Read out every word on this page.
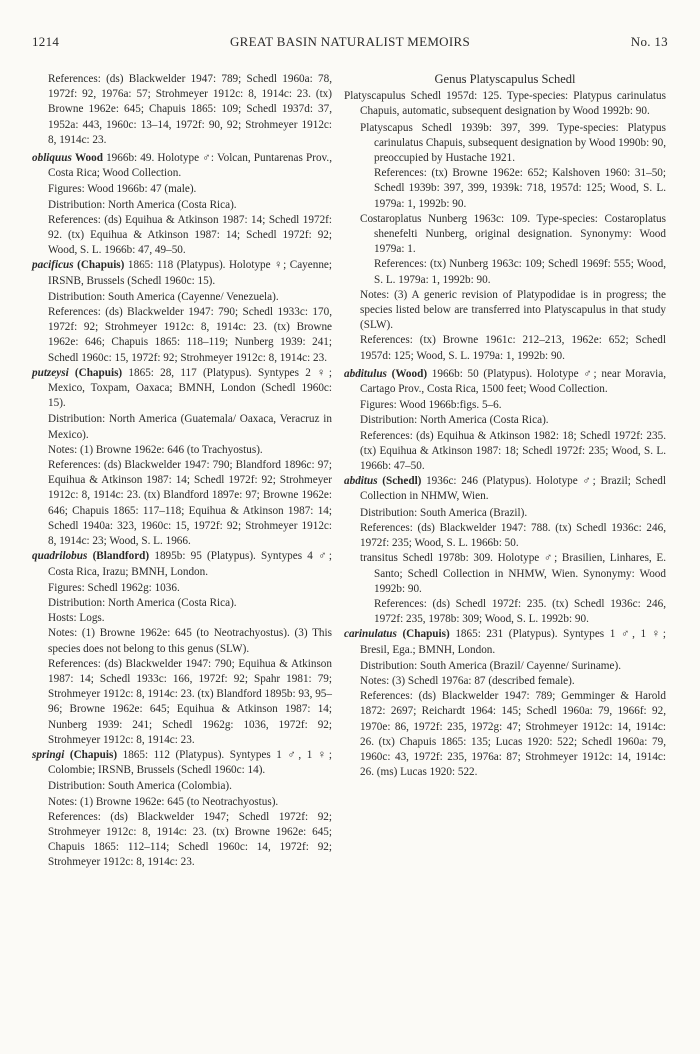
1214	GREAT BASIN NATURALIST MEMOIRS	No. 13

References: (ds) Blackwelder 1947: 789; Schedl 1960a: 78, 1972f: 92, 1976a: 57; Strohmeyer 1912c: 8, 1914c: 23. (tx) Browne 1962e: 645; Chapuis 1865: 109; Schedl 1937d: 37, 1952a: 443, 1960c: 13–14, 1972f: 90, 92; Strohmeyer 1912c: 8, 1914c: 23.

obliquus Wood 1966b: 49. Holotype ♂: Volcan, Puntarenas Prov., Costa Rica; Wood Collection.

Figures: Wood 1966b: 47 (male).

Distribution: North America (Costa Rica).

References: (ds) Equihua & Atkinson 1987: 14; Schedl 1972f: 92. (tx) Equihua & Atkinson 1987: 14; Schedl 1972f: 92; Wood, S. L. 1966b: 47, 49–50.

pacificus (Chapuis) 1865: 118 (Platypus). Holotype ♀; Cayenne; IRSNB, Brussels (Schedl 1960c: 15).

Distribution: South America (Cayenne/ Venezuela).

References: (ds) Blackwelder 1947: 790; Schedl 1933c: 170, 1972f: 92; Strohmeyer 1912c: 8, 1914c: 23. (tx) Browne 1962e: 646; Chapuis 1865: 118–119; Nunberg 1939: 241; Schedl 1960c: 15, 1972f: 92; Strohmeyer 1912c: 8, 1914c: 23.

putzeysi (Chapuis) 1865: 28, 117 (Platypus). Syntypes 2 ♀; Mexico, Toxpam, Oaxaca; BMNH, London (Schedl 1960c: 15).

Distribution: North America (Guatemala/ Oaxaca, Veracruz in Mexico).

Notes: (1) Browne 1962e: 646 (to Trachyostus).

References: (ds) Blackwelder 1947: 790; Blandford 1896c: 97; Equihua & Atkinson 1987: 14; Schedl 1972f: 92; Strohmeyer 1912c: 8, 1914c: 23. (tx) Blandford 1897e: 97; Browne 1962e: 646; Chapuis 1865: 117–118; Equihua & Atkinson 1987: 14; Schedl 1940a: 323, 1960c: 15, 1972f: 92; Strohmeyer 1912c: 8, 1914c: 23; Wood, S. L. 1966.

quadrilobus (Blandford) 1895b: 95 (Platypus). Syntypes 4 ♂; Costa Rica, Irazu; BMNH, London.

Figures: Schedl 1962g: 1036.

Distribution: North America (Costa Rica).

Hosts: Logs.

Notes: (1) Browne 1962e: 645 (to Neotrachyostus). (3) This species does not belong to this genus (SLW).

References: (ds) Blackwelder 1947: 790; Equihua & Atkinson 1987: 14; Schedl 1933c: 166, 1972f: 92; Spahr 1981: 79; Strohmeyer 1912c: 8, 1914c: 23. (tx) Blandford 1895b: 93, 95–96; Browne 1962e: 645; Equihua & Atkinson 1987: 14; Nunberg 1939: 241; Schedl 1962g: 1036, 1972f: 92; Strohmeyer 1912c: 8, 1914c: 23.

springi (Chapuis) 1865: 112 (Platypus). Syntypes 1 ♂, 1 ♀; Colombie; IRSNB, Brussels (Schedl 1960c: 14).

Distribution: South America (Colombia).

Notes: (1) Browne 1962e: 645 (to Neotrachyostus).

References: (ds) Blackwelder 1947; Schedl 1972f: 92; Strohmeyer 1912c: 8, 1914c: 23. (tx) Browne 1962e: 645; Chapuis 1865: 112–114; Schedl 1960c: 14, 1972f: 92; Strohmeyer 1912c: 8, 1914c: 23.

Genus Platyscapulus Schedl

Platyscapulus Schedl 1957d: 125. Type-species: Platypus carinulatus Chapuis, automatic, subsequent designation by Wood 1992b: 90.

Platyscapus Schedl 1939b: 397, 399. Type-species: Platypus carinulatus Chapuis, subsequent designation by Wood 1990b: 90, preoccupied by Hustache 1921.

References: (tx) Browne 1962e: 652; Kalshoven 1960: 31–50; Schedl 1939b: 397, 399, 1939k: 718, 1957d: 125; Wood, S. L. 1979a: 1, 1992b: 90.

Costaroplatus Nunberg 1963c: 109. Type-species: Costaroplatus shenefelti Nunberg, original designation. Synonymy: Wood 1979a: 1.

References: (tx) Nunberg 1963c: 109; Schedl 1969f: 555; Wood, S. L. 1979a: 1, 1992b: 90.

Notes: (3) A generic revision of Platypodidae is in progress; the species listed below are transferred into Platyscapulus in that study (SLW).

References: (tx) Browne 1961c: 212–213, 1962e: 652; Schedl 1957d: 125; Wood, S. L. 1979a: 1, 1992b: 90.

abditulus (Wood) 1966b: 50 (Platypus). Holotype ♂; near Moravia, Cartago Prov., Costa Rica, 1500 feet; Wood Collection.

Figures: Wood 1966b:figs. 5–6.

Distribution: North America (Costa Rica).

References: (ds) Equihua & Atkinson 1982: 18; Schedl 1972f: 235. (tx) Equihua & Atkinson 1987: 18; Schedl 1972f: 235; Wood, S. L. 1966b: 47–50.

abditus (Schedl) 1936c: 246 (Platypus). Holotype ♂; Brazil; Schedl Collection in NHMW, Wien.

Distribution: South America (Brazil).

References: (ds) Blackwelder 1947: 788. (tx) Schedl 1936c: 246, 1972f: 235; Wood, S. L. 1966b: 50.

transitus Schedl 1978b: 309. Holotype ♂; Brasilien, Linhares, E. Santo; Schedl Collection in NHMW, Wien. Synonymy: Wood 1992b: 90.

References: (ds) Schedl 1972f: 235. (tx) Schedl 1936c: 246, 1972f: 235, 1978b: 309; Wood, S. L. 1992b: 90.

carinulatus (Chapuis) 1865: 231 (Platypus). Syntypes 1 ♂, 1 ♀; Bresil, Ega.; BMNH, London.

Distribution: South America (Brazil/ Cayenne/ Suriname).

Notes: (3) Schedl 1976a: 87 (described female).

References: (ds) Blackwelder 1947: 789; Gemminger & Harold 1872: 2697; Reichardt 1964: 145; Schedl 1960a: 79, 1966f: 92, 1970e: 86, 1972f: 235, 1972g: 47; Strohmeyer 1912c: 14, 1914c: 26. (tx) Chapuis 1865: 135; Lucas 1920: 522; Schedl 1960a: 79, 1960c: 43, 1972f: 235, 1976a: 87; Strohmeyer 1912c: 14, 1914c: 26. (ms) Lucas 1920: 522.
